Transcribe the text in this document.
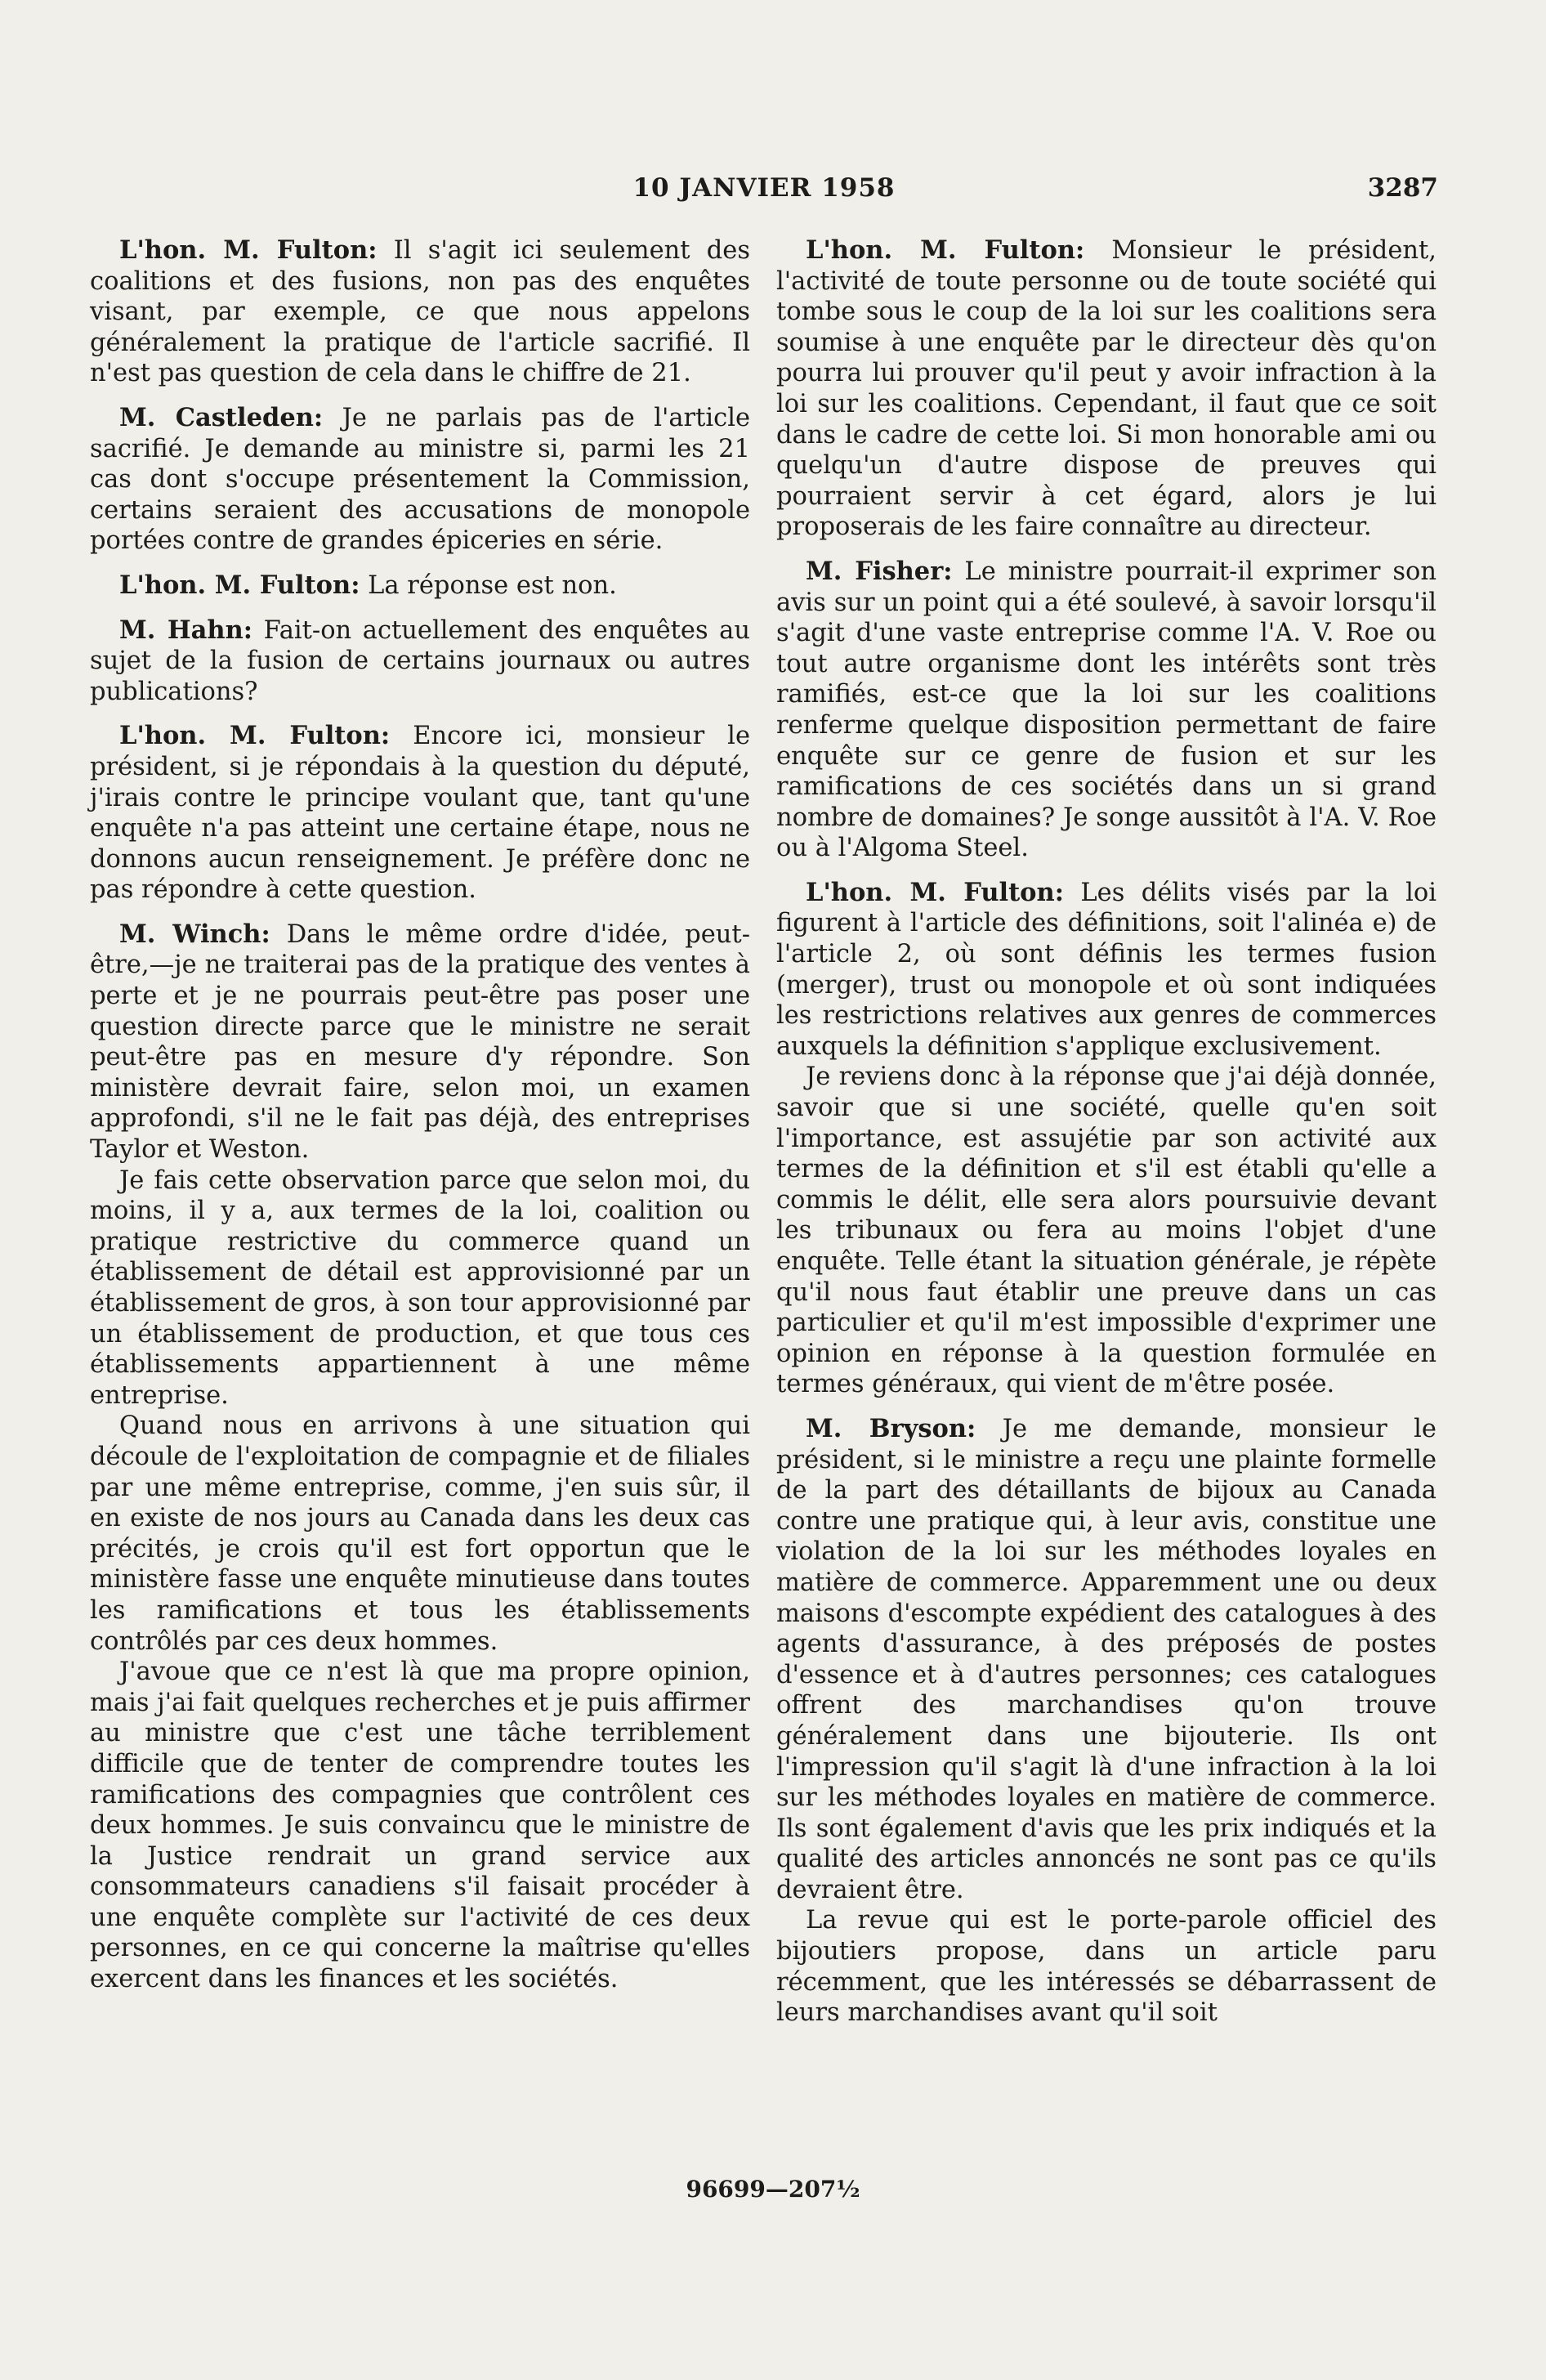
10 JANVIER 1958	3287

L'hon. M. Fulton: Il s'agit ici seulement des coalitions et des fusions, non pas des enquêtes visant, par exemple, ce que nous appelons généralement la pratique de l'article sacrifié. Il n'est pas question de cela dans le chiffre de 21.

M. Castleden: Je ne parlais pas de l'article sacrifié. Je demande au ministre si, parmi les 21 cas dont s'occupe présentement la Commission, certains seraient des accusations de monopole portées contre de grandes épiceries en série.

L'hon. M. Fulton: La réponse est non.

M. Hahn: Fait-on actuellement des enquêtes au sujet de la fusion de certains journaux ou autres publications?

L'hon. M. Fulton: Encore ici, monsieur le président, si je répondais à la question du député, j'irais contre le principe voulant que, tant qu'une enquête n'a pas atteint une certaine étape, nous ne donnons aucun renseignement. Je préfère donc ne pas répondre à cette question.

M. Winch: Dans le même ordre d'idée, peut-être,—je ne traiterai pas de la pratique des ventes à perte et je ne pourrais peut-être pas poser une question directe parce que le ministre ne serait peut-être pas en mesure d'y répondre. Son ministère devrait faire, selon moi, un examen approfondi, s'il ne le fait pas déjà, des entreprises Taylor et Weston.

Je fais cette observation parce que selon moi, du moins, il y a, aux termes de la loi, coalition ou pratique restrictive du commerce quand un établissement de détail est approvisionné par un établissement de gros, à son tour approvisionné par un établissement de production, et que tous ces établissements appartiennent à une même entreprise.

Quand nous en arrivons à une situation qui découle de l'exploitation de compagnie et de filiales par une même entreprise, comme, j'en suis sûr, il en existe de nos jours au Canada dans les deux cas précités, je crois qu'il est fort opportun que le ministère fasse une enquête minutieuse dans toutes les ramifications et tous les établissements contrôlés par ces deux hommes.

J'avoue que ce n'est là que ma propre opinion, mais j'ai fait quelques recherches et je puis affirmer au ministre que c'est une tâche terriblement difficile que de tenter de comprendre toutes les ramifications des compagnies que contrôlent ces deux hommes. Je suis convaincu que le ministre de la Justice rendrait un grand service aux consommateurs canadiens s'il faisait procéder à une enquête complète sur l'activité de ces deux personnes, en ce qui concerne la maîtrise qu'elles exercent dans les finances et les sociétés.

L'hon. M. Fulton: Monsieur le président, l'activité de toute personne ou de toute société qui tombe sous le coup de la loi sur les coalitions sera soumise à une enquête par le directeur dès qu'on pourra lui prouver qu'il peut y avoir infraction à la loi sur les coalitions. Cependant, il faut que ce soit dans le cadre de cette loi. Si mon honorable ami ou quelqu'un d'autre dispose de preuves qui pourraient servir à cet égard, alors je lui proposerais de les faire connaître au directeur.

M. Fisher: Le ministre pourrait-il exprimer son avis sur un point qui a été soulevé, à savoir lorsqu'il s'agit d'une vaste entreprise comme l'A. V. Roe ou tout autre organisme dont les intérêts sont très ramifiés, est-ce que la loi sur les coalitions renferme quelque disposition permettant de faire enquête sur ce genre de fusion et sur les ramifications de ces sociétés dans un si grand nombre de domaines? Je songe aussitôt à l'A. V. Roe ou à l'Algoma Steel.

L'hon. M. Fulton: Les délits visés par la loi figurent à l'article des définitions, soit l'alinéa e) de l'article 2, où sont définis les termes fusion (merger), trust ou monopole et où sont indiquées les restrictions relatives aux genres de commerces auxquels la définition s'applique exclusivement.

Je reviens donc à la réponse que j'ai déjà donnée, savoir que si une société, quelle qu'en soit l'importance, est assujétie par son activité aux termes de la définition et s'il est établi qu'elle a commis le délit, elle sera alors poursuivie devant les tribunaux ou fera au moins l'objet d'une enquête. Telle étant la situation générale, je répète qu'il nous faut établir une preuve dans un cas particulier et qu'il m'est impossible d'exprimer une opinion en réponse à la question formulée en termes généraux, qui vient de m'être posée.

M. Bryson: Je me demande, monsieur le président, si le ministre a reçu une plainte formelle de la part des détaillants de bijoux au Canada contre une pratique qui, à leur avis, constitue une violation de la loi sur les méthodes loyales en matière de commerce. Apparemment une ou deux maisons d'escompte expédient des catalogues à des agents d'assurance, à des préposés de postes d'essence et à d'autres personnes; ces catalogues offrent des marchandises qu'on trouve généralement dans une bijouterie. Ils ont l'impression qu'il s'agit là d'une infraction à la loi sur les méthodes loyales en matière de commerce. Ils sont également d'avis que les prix indiqués et la qualité des articles annoncés ne sont pas ce qu'ils devraient être.

La revue qui est le porte-parole officiel des bijoutiers propose, dans un article paru récemment, que les intéressés se débarrassent de leurs marchandises avant qu'il soit

96699—207½
